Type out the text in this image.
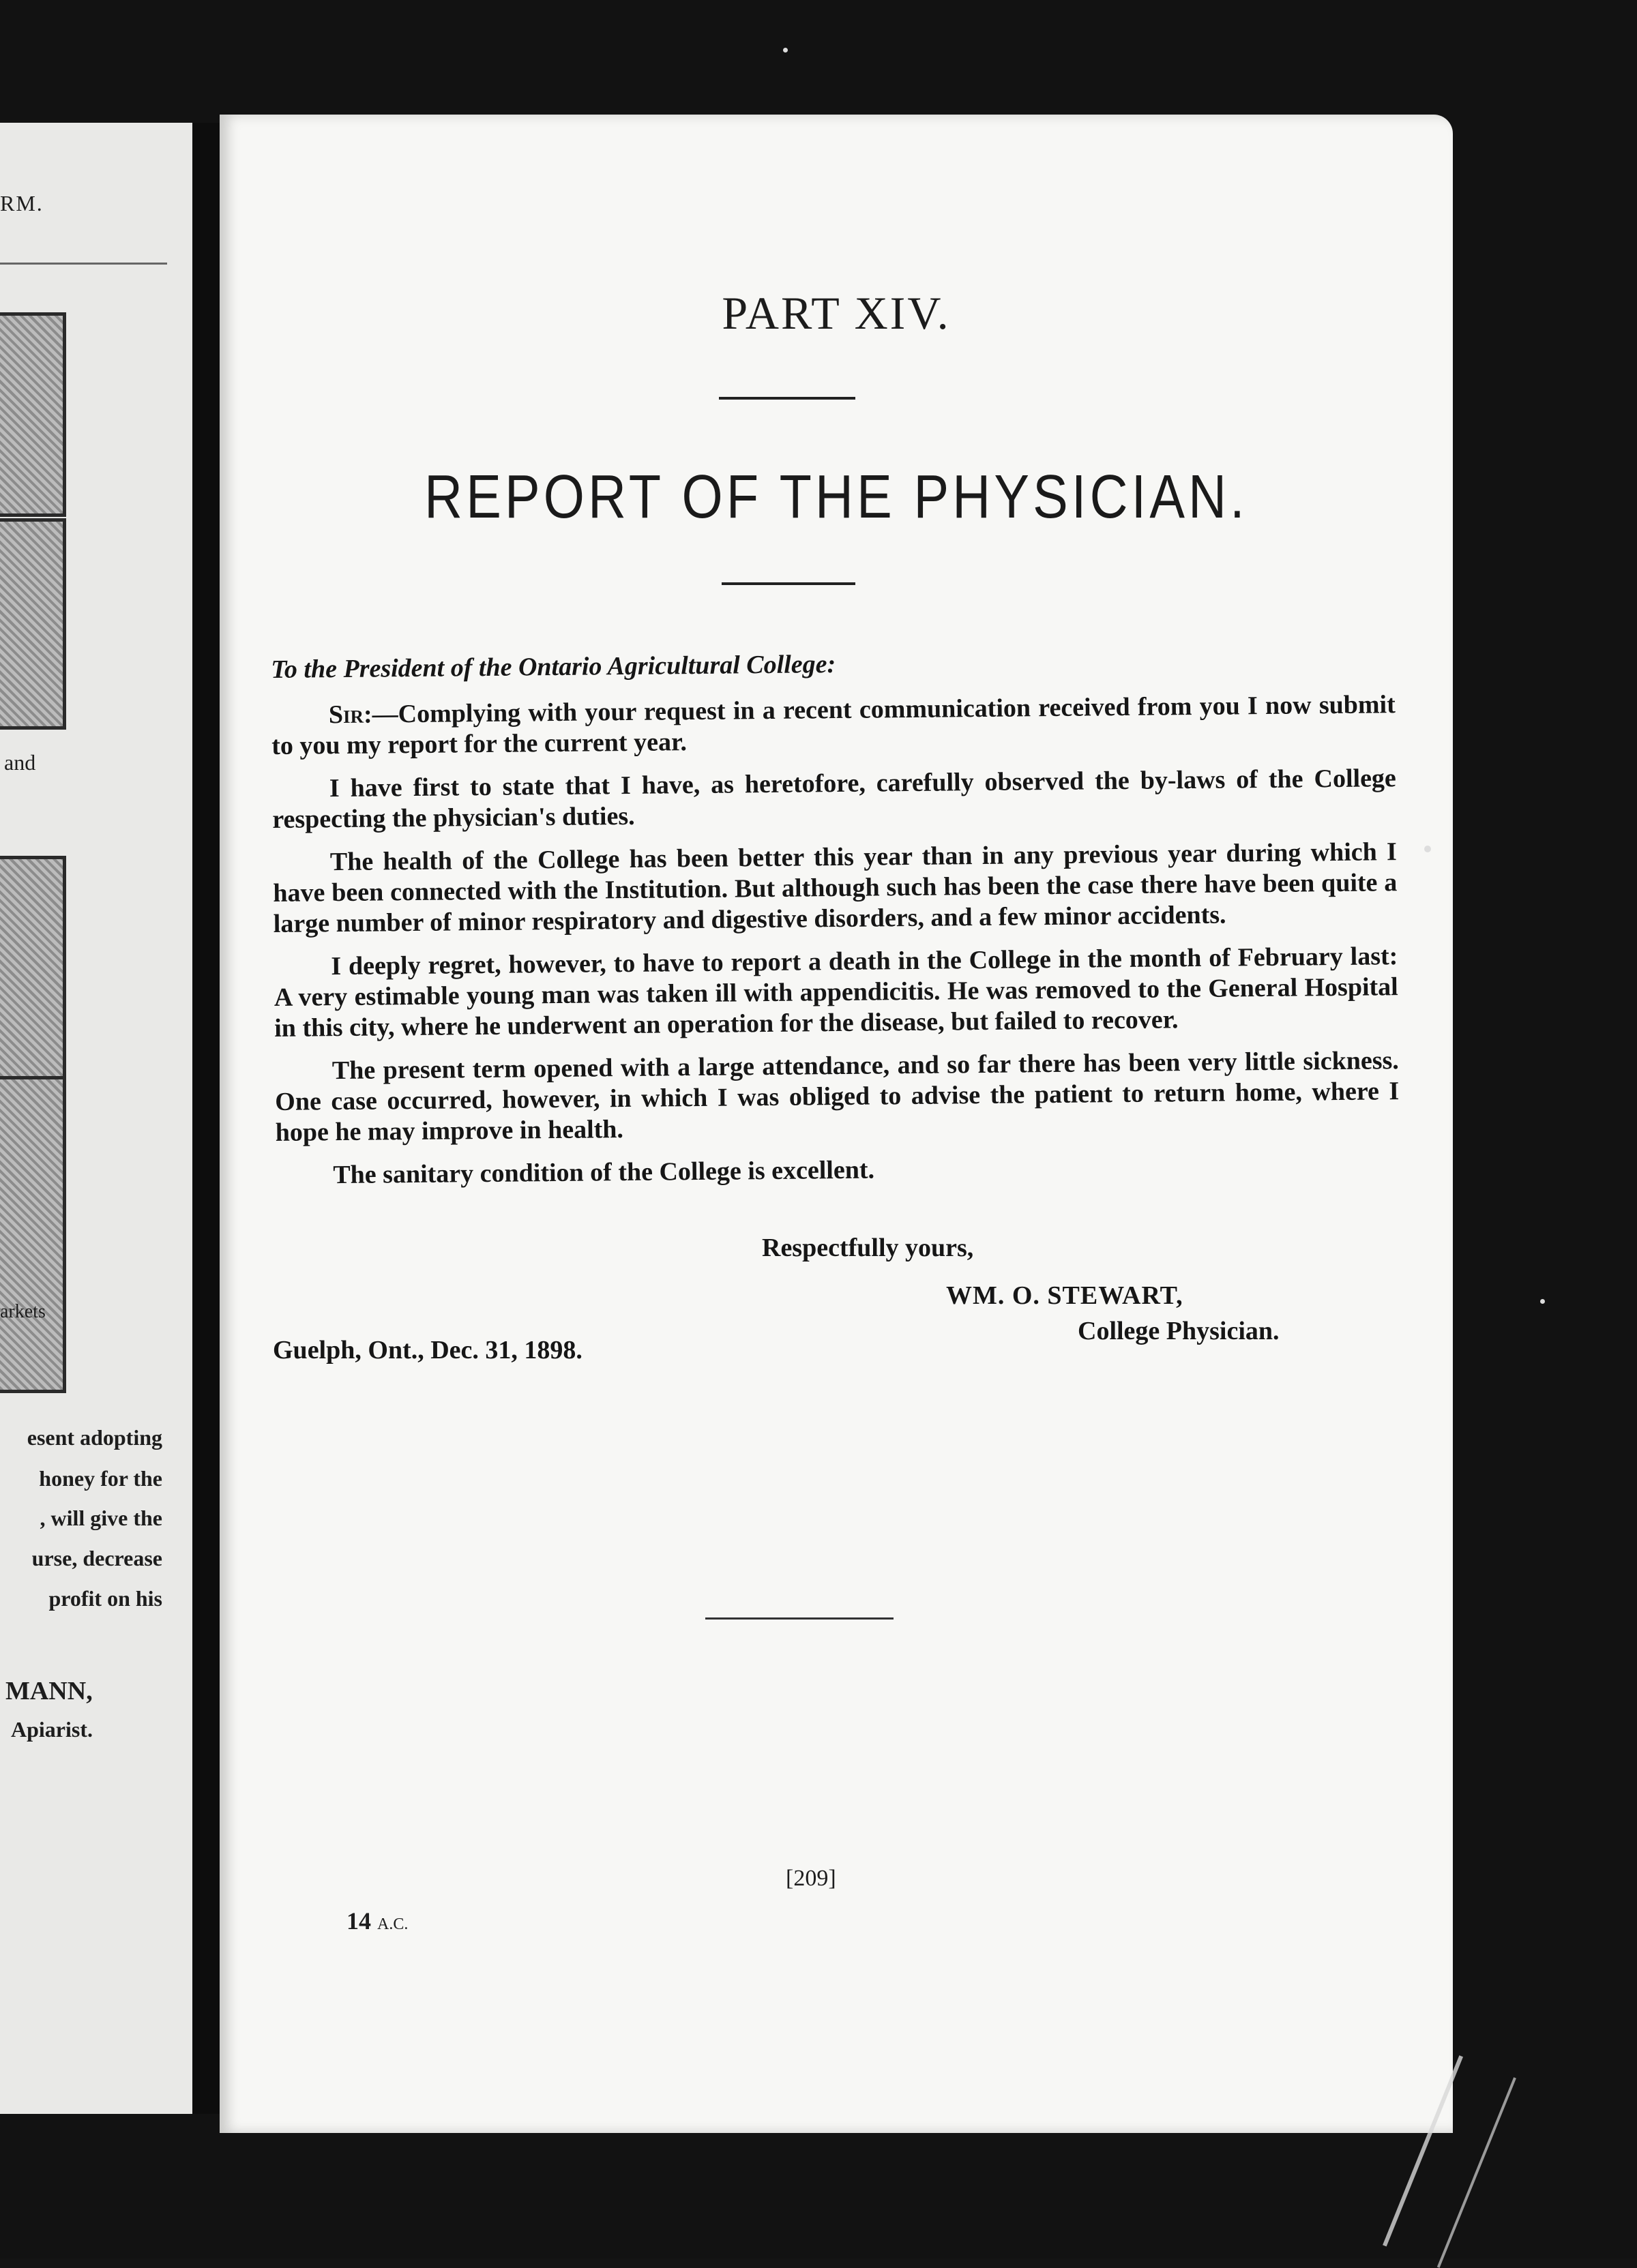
RM.
and
arkets
esent adopting
honey for the
, will give the
urse, decrease
profit on his
MANN,
Apiarist.
PART XIV.
REPORT OF THE PHYSICIAN.

To the President of the Ontario Agricultural College:

Sir:—Complying with your request in a recent communication received from you I now submit to you my report for the current year.

I have first to state that I have, as heretofore, carefully observed the by-laws of the College respecting the physician's duties.

The health of the College has been better this year than in any previous year during which I have been connected with the Institution. But although such has been the case there have been quite a large number of minor respiratory and digestive disorders, and a few minor accidents.

I deeply regret, however, to have to report a death in the College in the month of February last: A very estimable young man was taken ill with appendicitis. He was removed to the General Hospital in this city, where he underwent an operation for the disease, but failed to recover.

The present term opened with a large attendance, and so far there has been very little sickness. One case occurred, however, in which I was obliged to advise the patient to return home, where I hope he may improve in health.

The sanitary condition of the College is excellent.

Respectfully yours,
WM. O. STEWART,
College Physician.
Guelph, Ont., Dec. 31, 1898.
[209]
14 A.C.
